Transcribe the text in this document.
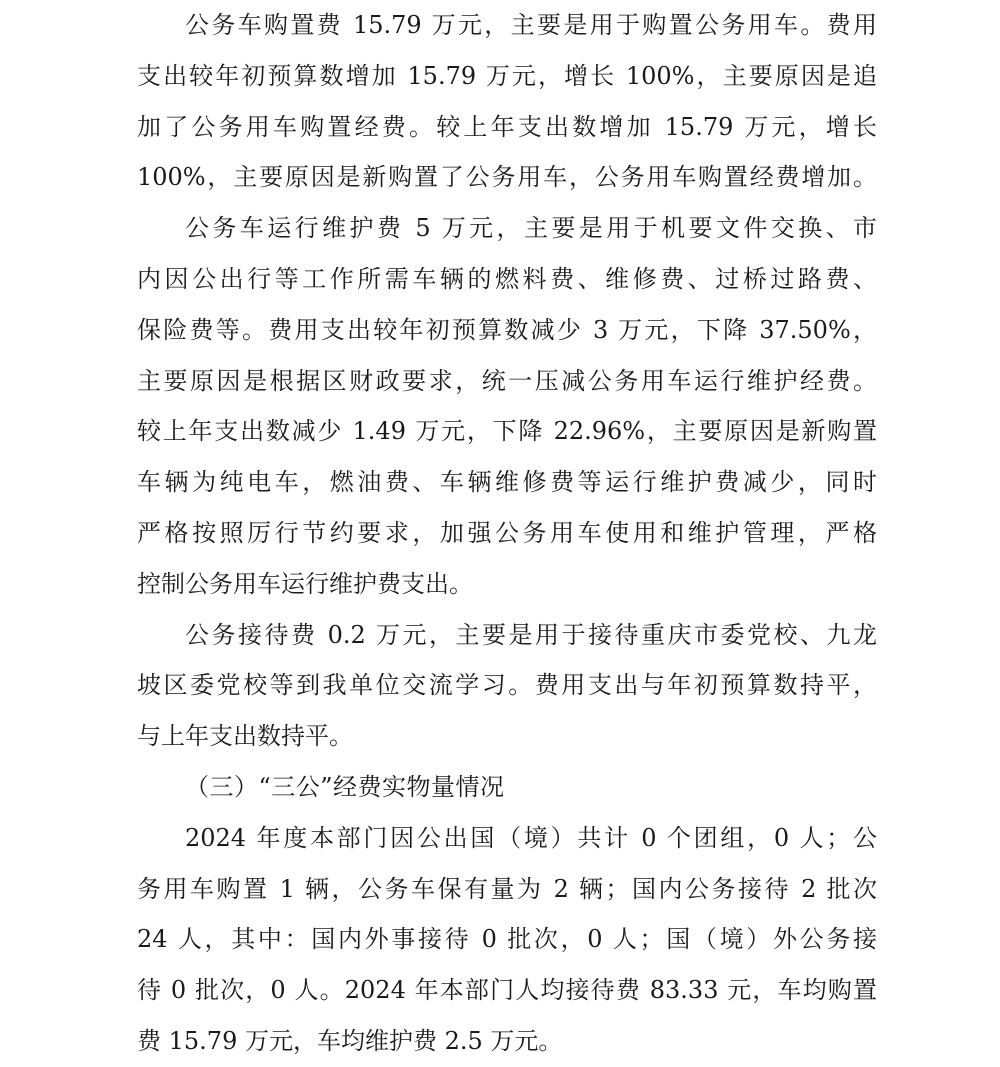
公务车购置费 15.79 万元，主要是用于购置公务用车。费用
支出较年初预算数增加 15.79 万元，增长 100%，主要原因是追
加了公务用车购置经费。较上年支出数增加 15.79 万元，增长
100%，主要原因是新购置了公务用车，公务用车购置经费增加。
公务车运行维护费 5 万元，主要是用于机要文件交换、市
内因公出行等工作所需车辆的燃料费、维修费、过桥过路费、
保险费等。费用支出较年初预算数减少 3 万元，下降 37.50%，
主要原因是根据区财政要求，统一压减公务用车运行维护经费。
较上年支出数减少 1.49 万元，下降 22.96%，主要原因是新购置
车辆为纯电车，燃油费、车辆维修费等运行维护费减少，同时
严格按照厉行节约要求，加强公务用车使用和维护管理，严格
控制公务用车运行维护费支出。
公务接待费 0.2 万元，主要是用于接待重庆市委党校、九龙
坡区委党校等到我单位交流学习。费用支出与年初预算数持平，
与上年支出数持平。
（三）“三公”经费实物量情况
2024 年度本部门因公出国（境）共计 0 个团组，0 人；公
务用车购置 1 辆，公务车保有量为 2 辆；国内公务接待 2 批次
24 人，其中：国内外事接待 0 批次，0 人；国（境）外公务接
待 0 批次，0 人。2024 年本部门人均接待费 83.33 元，车均购置
费 15.79 万元，车均维护费 2.5 万元。
